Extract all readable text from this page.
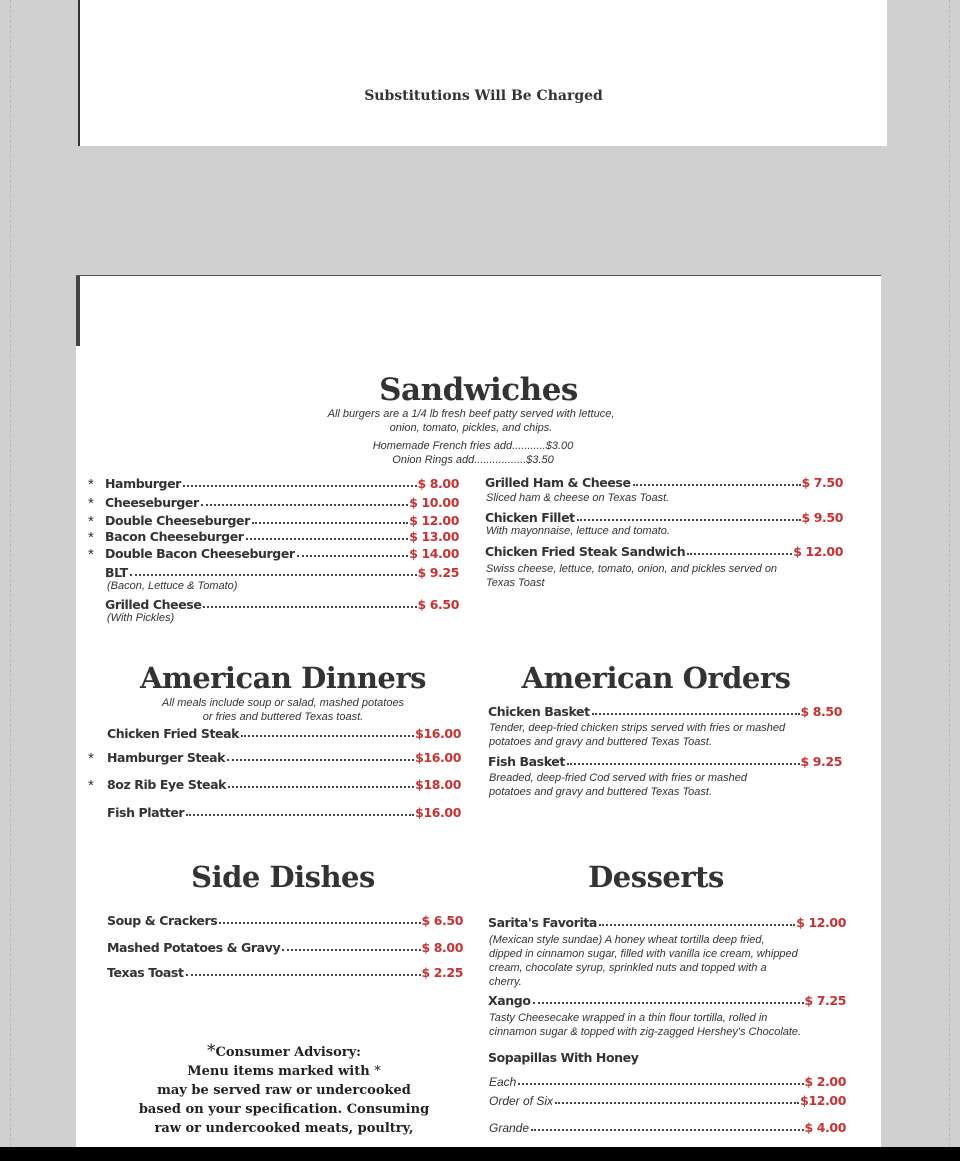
Substitutions Will Be Charged
Sandwiches
All burgers are a 1/4 lb fresh beef patty served with lettuce,
onion, tomato, pickles, and chips.
Homemade French fries add...........$3.00
Onion Rings add.................$3.50
*
*
*
*
*
Hamburger	$ 8.00
Cheeseburger	$ 10.00
Double Cheeseburger	$ 12.00
Bacon Cheeseburger	$ 13.00
Double Bacon Cheeseburger	$ 14.00
BLT	$ 9.25
(Bacon, Lettuce & Tomato)
Grilled Cheese	$ 6.50
(With Pickles)
Grilled Ham & Cheese	$ 7.50
Sliced ham & cheese on Texas Toast.
Chicken Fillet	$ 9.50
With mayonnaise, lettuce and tomato.
Chicken Fried Steak Sandwich	$ 12.00
Swiss cheese, lettuce, tomato, onion, and pickles served on
Texas Toast
American Dinners
All meals include soup or salad, mashed potatoes
or fries and buttered Texas toast.
*
*
Chicken Fried Steak	$16.00
Hamburger Steak	$16.00
8oz Rib Eye Steak	$18.00
Fish Platter	$16.00
American Orders
Chicken Basket	$ 8.50
Tender, deep-fried chicken strips served with fries or mashed
potatoes and gravy and buttered Texas Toast.
Fish Basket	$ 9.25
Breaded, deep-fried Cod served with fries or mashed
potatoes and gravy and buttered Texas Toast.
Side Dishes
Soup & Crackers	$ 6.50
Mashed Potatoes & Gravy	$ 8.00
Texas Toast	$ 2.25
Desserts
Sarita's Favorita	$ 12.00
(Mexican style sundae) A honey wheat tortilla deep fried,
dipped in cinnamon sugar, filled with vanilla ice cream, whipped
cream, chocolate syrup, sprinkled nuts and topped with a
cherry.
Xango	$ 7.25
Tasty Cheesecake wrapped in a thin flour tortilla, rolled in
cinnamon sugar & topped with zig-zagged Hershey's Chocolate.
Sopapillas With Honey
Each	$ 2.00
Order of Six	$12.00
Grande	$ 4.00
*Consumer Advisory:
Menu items marked with *
may be served raw or undercooked
based on your specification. Consuming
raw or undercooked meats, poultry,
